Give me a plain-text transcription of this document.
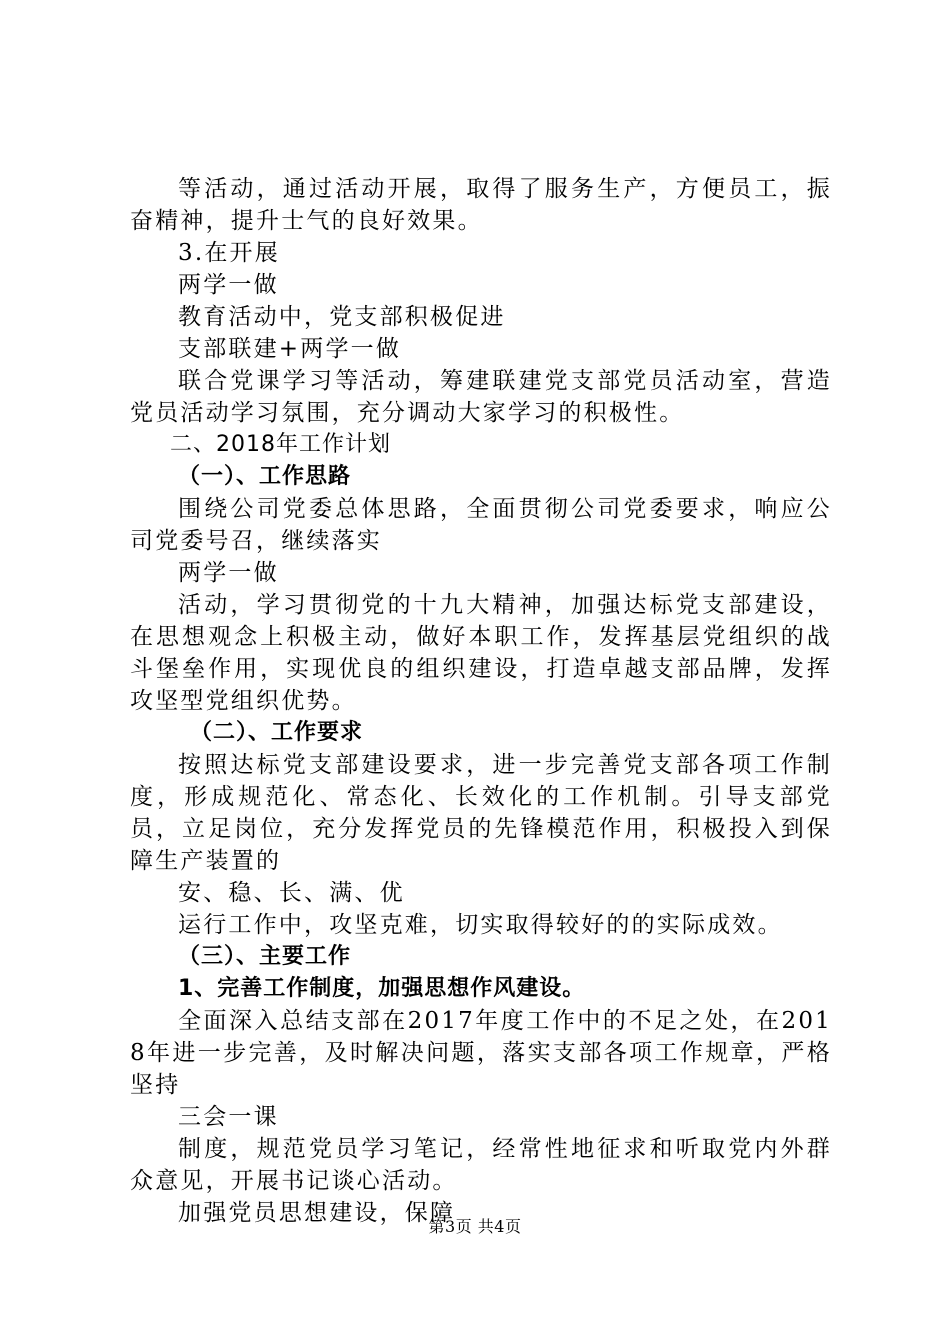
等活动，通过活动开展，取得了服务生产，方便员工，振奋精神，提升士气的良好效果。

3.在开展

两学一做

教育活动中，党支部积极促进

支部联建+两学一做

联合党课学习等活动，筹建联建党支部党员活动室，营造党员活动学习氛围，充分调动大家学习的积极性。

二、2018年工作计划

（一）、工作思路

围绕公司党委总体思路，全面贯彻公司党委要求，响应公司党委号召，继续落实

两学一做

活动，学习贯彻党的十九大精神，加强达标党支部建设，在思想观念上积极主动，做好本职工作，发挥基层党组织的战斗堡垒作用，实现优良的组织建设，打造卓越支部品牌，发挥攻坚型党组织优势。

（二）、工作要求

按照达标党支部建设要求，进一步完善党支部各项工作制度，形成规范化、常态化、长效化的工作机制。引导支部党员，立足岗位，充分发挥党员的先锋模范作用，积极投入到保障生产装置的

安、稳、长、满、优

运行工作中，攻坚克难，切实取得较好的的实际成效。

（三）、主要工作

1、完善工作制度，加强思想作风建设。

全面深入总结支部在2017年度工作中的不足之处，在2018年进一步完善，及时解决问题，落实支部各项工作规章，严格坚持

三会一课

制度，规范党员学习笔记，经常性地征求和听取党内外群众意见，开展书记谈心活动。

加强党员思想建设，保障

第3页 共4页
